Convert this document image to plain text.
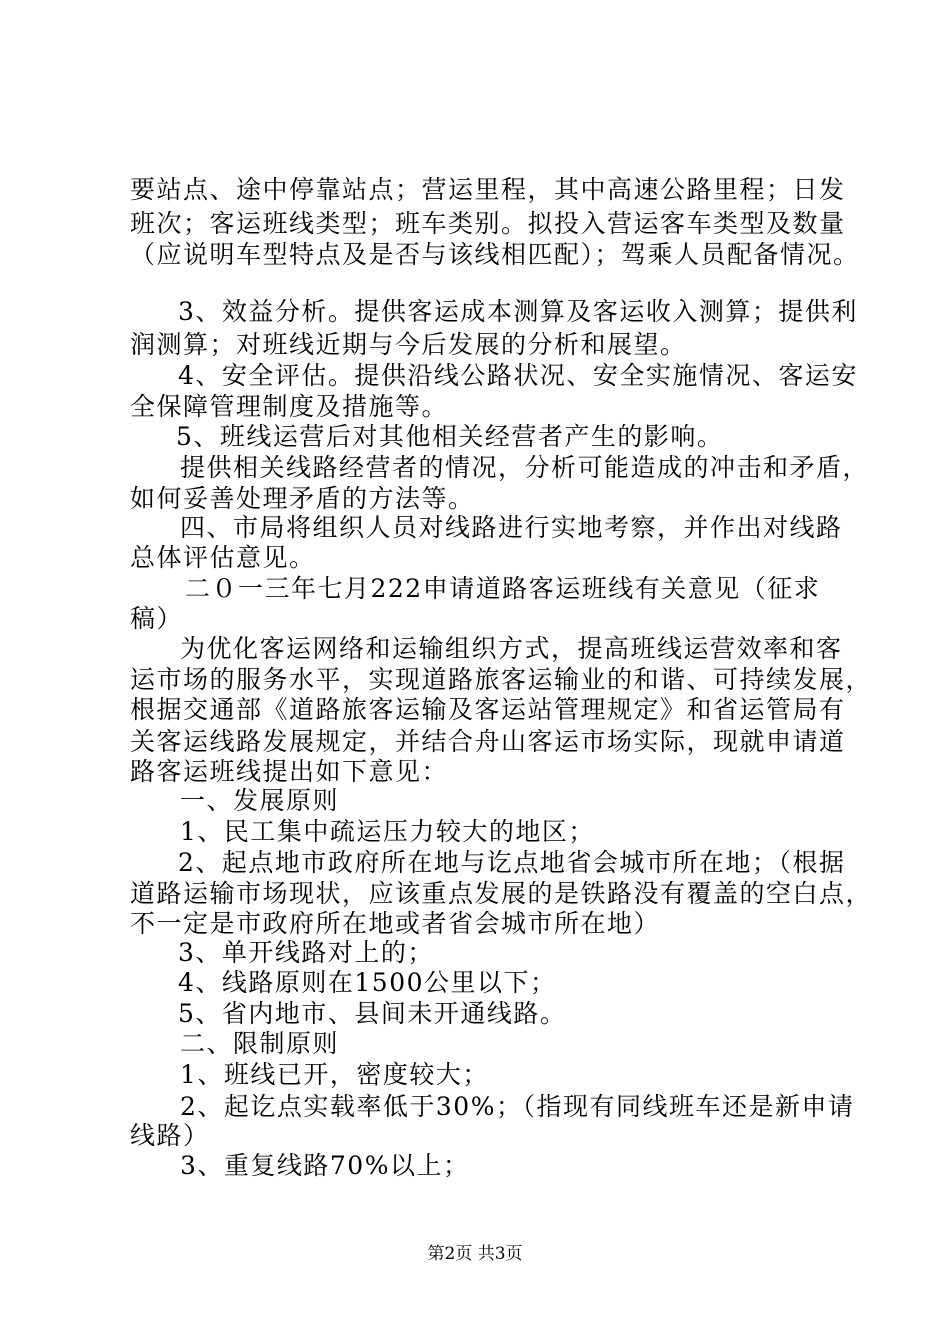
要站点、途中停靠站点；营运里程，其中高速公路里程；日发
班次；客运班线类型；班车类别。拟投入营运客车类型及数量
（应说明车型特点及是否与该线相匹配）；驾乘人员配备情况。
3、效益分析。提供客运成本测算及客运收入测算；提供利
润测算；对班线近期与今后发展的分析和展望。
4、安全评估。提供沿线公路状况、安全实施情况、客运安
全保障管理制度及措施等。
5、班线运营后对其他相关经营者产生的影响。
提供相关线路经营者的情况，分析可能造成的冲击和矛盾，
如何妥善处理矛盾的方法等。
四、市局将组织人员对线路进行实地考察，并作出对线路
总体评估意见。
二０一三年七月222申请道路客运班线有关意见（征求
稿）
为优化客运网络和运输组织方式，提高班线运营效率和客
运市场的服务水平，实现道路旅客运输业的和谐、可持续发展，
根据交通部《道路旅客运输及客运站管理规定》和省运管局有
关客运线路发展规定，并结合舟山客运市场实际，现就申请道
路客运班线提出如下意见：
一、发展原则
1、民工集中疏运压力较大的地区；
2、起点地市政府所在地与讫点地省会城市所在地；（根据
道路运输市场现状，应该重点发展的是铁路没有覆盖的空白点，
不一定是市政府所在地或者省会城市所在地）
3、单开线路对上的；
4、线路原则在1500公里以下；
5、省内地市、县间未开通线路。
二、限制原则
1、班线已开，密度较大；
2、起讫点实载率低于30%；（指现有同线班车还是新申请
线路）
3、重复线路70%以上；
第2页 共3页
